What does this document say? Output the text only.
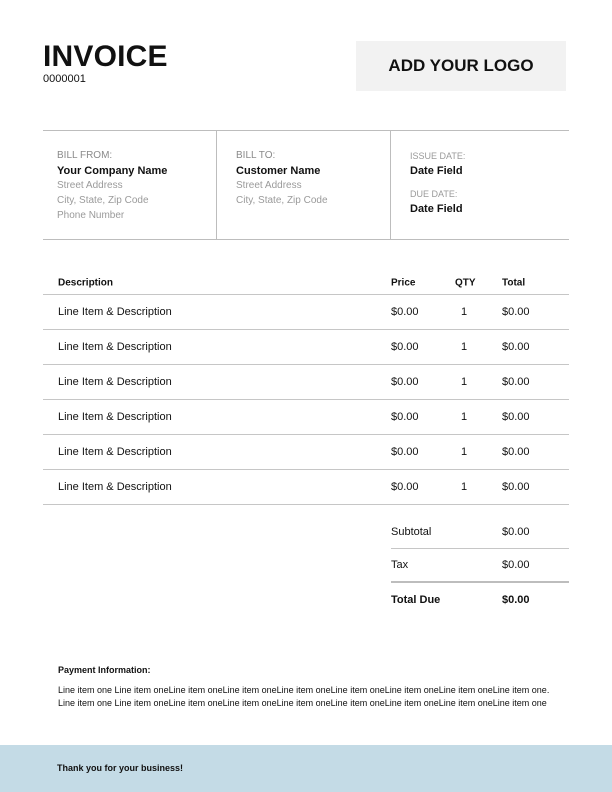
INVOICE
0000001
ADD YOUR LOGO
BILL FROM:
Your Company Name
Street Address
City, State, Zip Code
Phone Number
BILL TO:
Customer Name
Street Address
City, State, Zip Code
ISSUE DATE:
Date Field
DUE DATE:
Date Field
Description	Price	QTY	Total
Line Item & Description	$0.00	1	$0.00
Line Item & Description	$0.00	1	$0.00
Line Item & Description	$0.00	1	$0.00
Line Item & Description	$0.00	1	$0.00
Line Item & Description	$0.00	1	$0.00
Line Item & Description	$0.00	1	$0.00
Subtotal	$0.00
Tax	$0.00
Total Due	$0.00
Payment Information:
Line item one Line item oneLine item oneLine item oneLine item oneLine item oneLine item oneLine item oneLine item one. Line item one Line item oneLine item oneLine item oneLine item oneLine item oneLine item oneLine item oneLine item one
Thank you for your business!
